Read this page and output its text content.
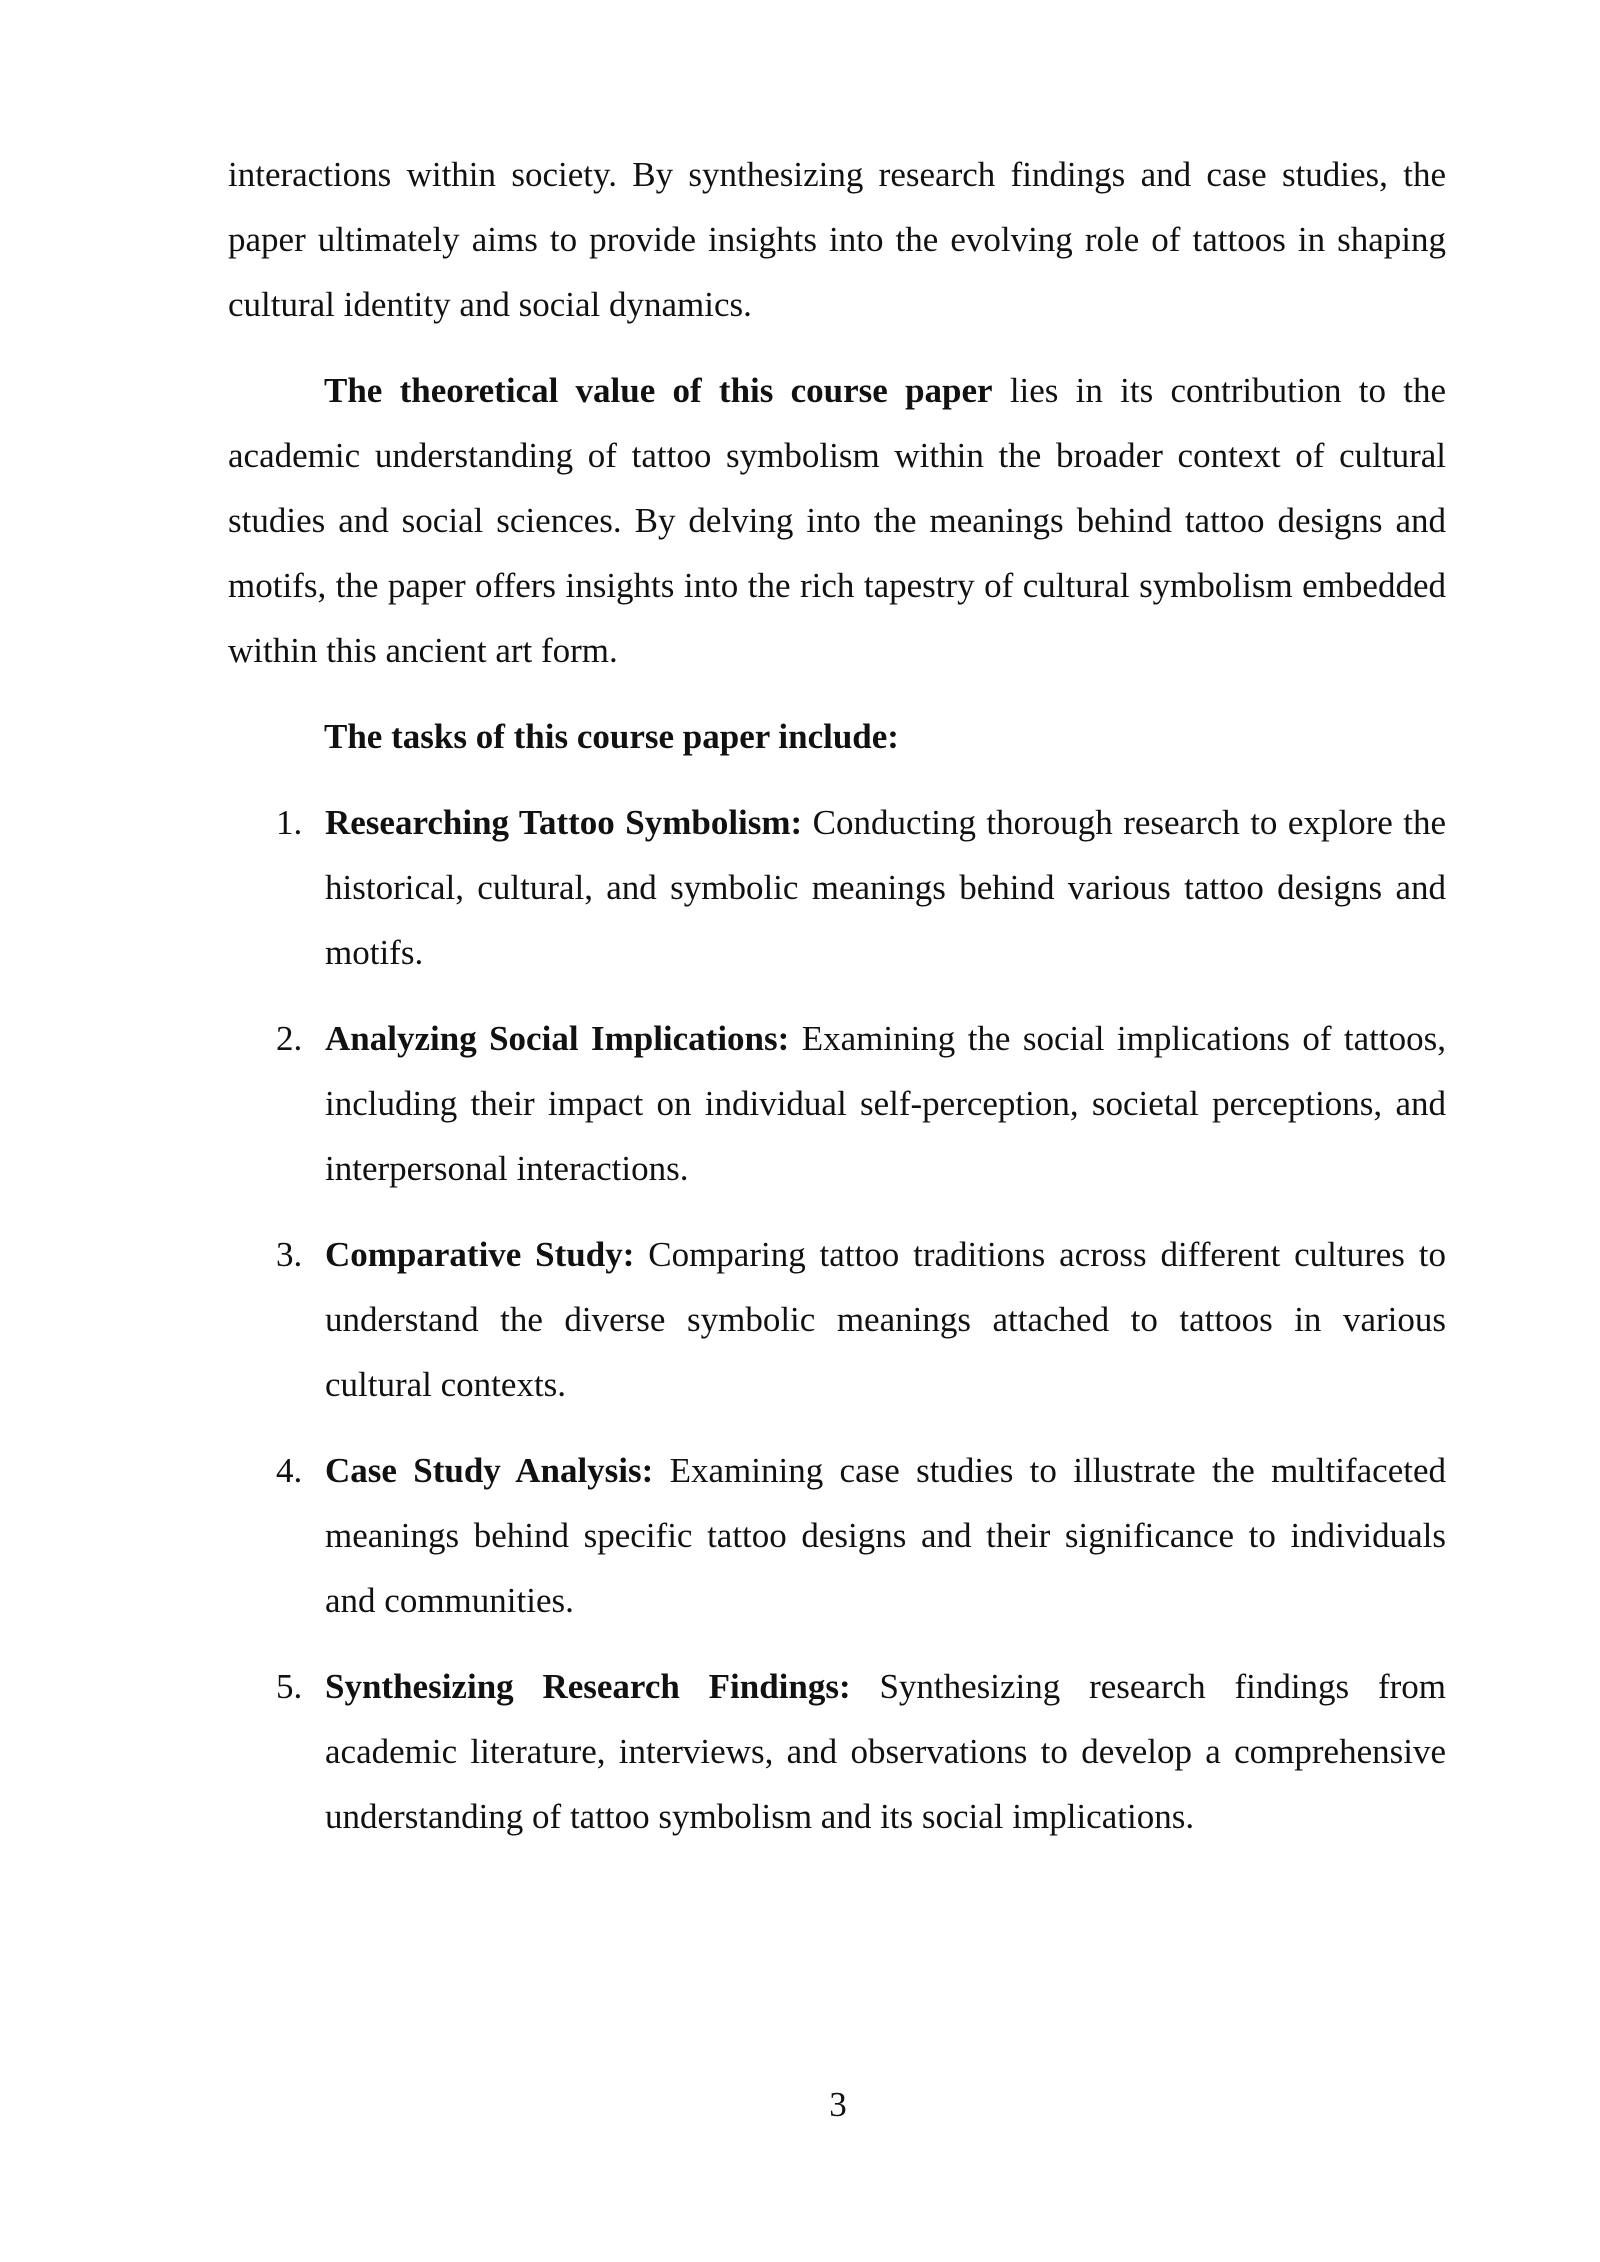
interactions within society. By synthesizing research findings and case studies, the paper ultimately aims to provide insights into the evolving role of tattoos in shaping cultural identity and social dynamics.

The theoretical value of this course paper lies in its contribution to the academic understanding of tattoo symbolism within the broader context of cultural studies and social sciences. By delving into the meanings behind tattoo designs and motifs, the paper offers insights into the rich tapestry of cultural symbolism embedded within this ancient art form.

The tasks of this course paper include:

1. Researching Tattoo Symbolism: Conducting thorough research to explore the historical, cultural, and symbolic meanings behind various tattoo designs and motifs.
2. Analyzing Social Implications: Examining the social implications of tattoos, including their impact on individual self-perception, societal perceptions, and interpersonal interactions.
3. Comparative Study: Comparing tattoo traditions across different cultures to understand the diverse symbolic meanings attached to tattoos in various cultural contexts.
4. Case Study Analysis: Examining case studies to illustrate the multifaceted meanings behind specific tattoo designs and their significance to individuals and communities.
5. Synthesizing Research Findings: Synthesizing research findings from academic literature, interviews, and observations to develop a comprehensive understanding of tattoo symbolism and its social implications.
3
